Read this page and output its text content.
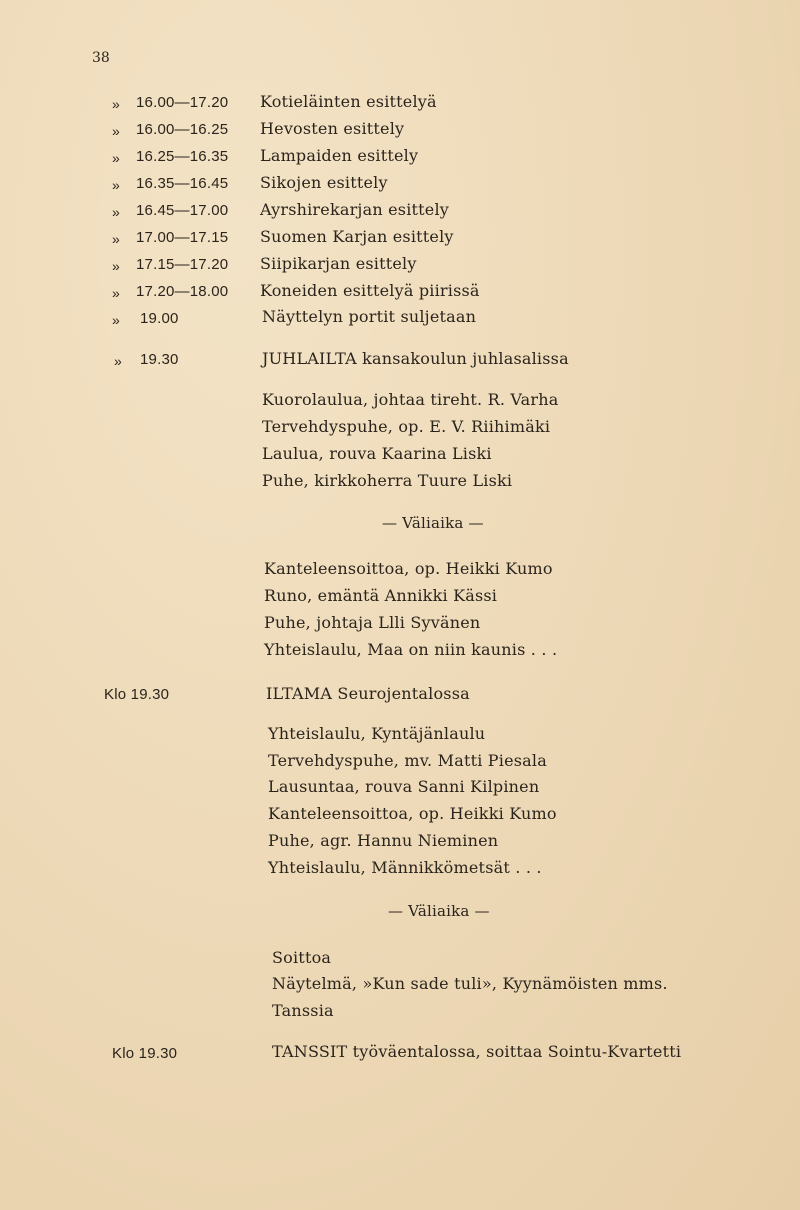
38
» 16.00—17.20 Kotieläinten esittelyä
» 16.00—16.25 Hevosten esittely
» 16.25—16.35 Lampaiden esittely
» 16.35—16.45 Sikojen esittely
» 16.45—17.00 Ayrshirekarjan esittely
» 17.00—17.15 Suomen Karjan esittely
» 17.15—17.20 Siipikarjan esittely
» 17.20—18.00 Koneiden esittelyä piirissä
» 19.00	Näyttelyn portit suljetaan
» 19.30	JUHLAILTA kansakoulun juhlasalissa
Kuorolaulua, johtaa tireht. R. Varha
Tervehdyspuhe, op. E. V. Riihimäki
Laulua, rouva Kaarina Liski
Puhe, kirkkoherra Tuure Liski
— Väliaika —
Kanteleensoittoa, op. Heikki Kumo
Runo, emäntä Annikki Kässi
Puhe, johtaja Llli Syvänen
Yhteislaulu, Maa on niin kaunis . . .
Klo 19.30	ILTAMA Seurojentalossa
Yhteislaulu, Kyntäjänlaulu
Tervehdyspuhe, mv. Matti Piesala
Lausuntaa, rouva Sanni Kilpinen
Kanteleensoittoa, op. Heikki Kumo
Puhe, agr. Hannu Nieminen
Yhteislaulu, Männikkömetsät . . .
— Väliaika —
Soittoa
Näytelmä, »Kun sade tuli», Kyynämöisten mms.
Tanssia
Klo 19.30	TANSSIT työväentalossa, soittaa Sointu-Kvartetti
